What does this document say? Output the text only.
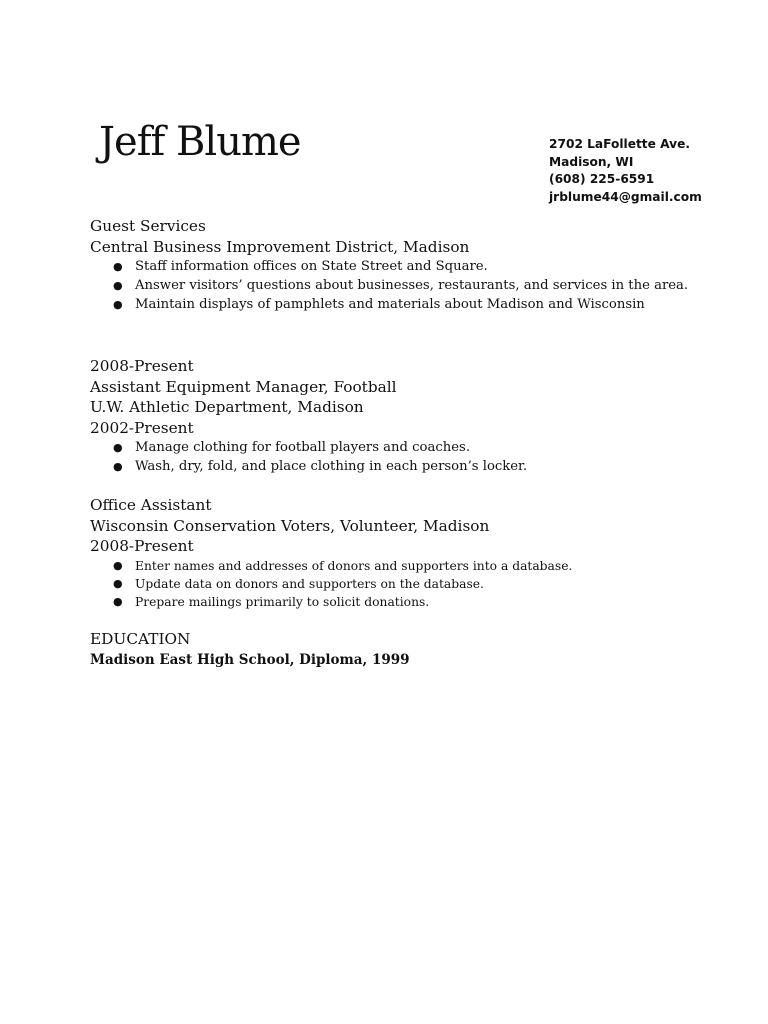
Jeff Blume	2702 LaFollette Ave.
Madison, WI
(608) 225-6591
jrblume44@gmail.com
Guest Services
Central Business Improvement District, Madison
● Staff information offices on State Street and Square.
● Answer visitors’ questions about businesses, restaurants, and services in the area.
● Maintain displays of pamphlets and materials about Madison and Wisconsin
2008-Present
Assistant Equipment Manager, Football
U.W. Athletic Department, Madison
2002-Present
● Manage clothing for football players and coaches.
● Wash, dry, fold, and place clothing in each person’s locker.
Office Assistant
Wisconsin Conservation Voters, Volunteer, Madison
2008-Present
● Enter names and addresses of donors and supporters into a database.
● Update data on donors and supporters on the database.
● Prepare mailings primarily to solicit donations.
EDUCATION
Madison East High School, Diploma, 1999
